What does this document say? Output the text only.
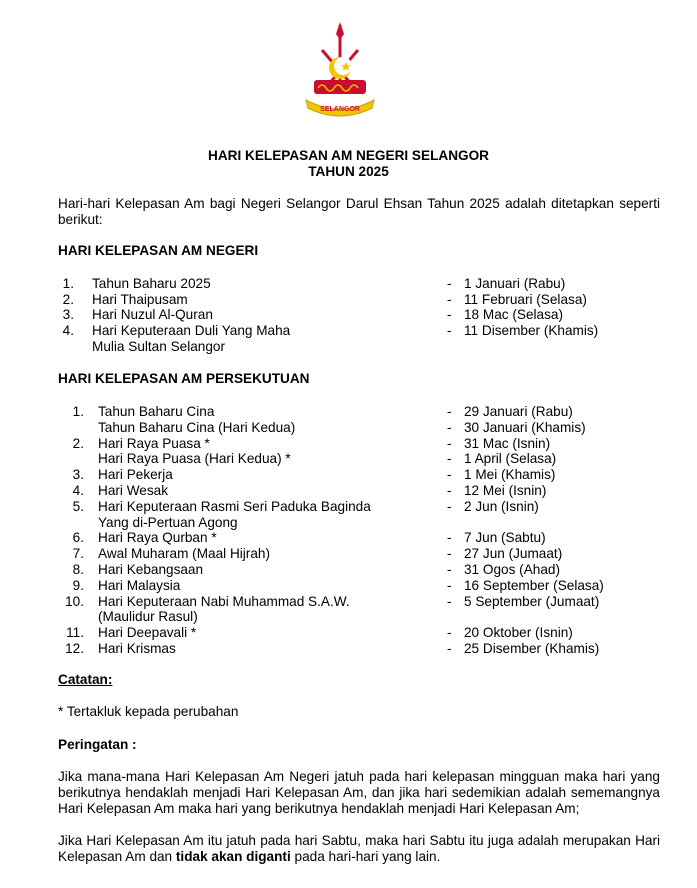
SELANGOR
HARI KELEPASAN AM NEGERI SELANGOR
TAHUN 2025
Hari-hari Kelepasan Am bagi Negeri Selangor Darul Ehsan Tahun 2025 adalah ditetapkan seperti berikut:
HARI KELEPASAN AM NEGERI
1. Tahun Baharu 2025	- 1 Januari (Rabu)
2. Hari Thaipusam	- 11 Februari (Selasa)
3. Hari Nuzul Al-Quran	- 18 Mac (Selasa)
4. Hari Keputeraan Duli Yang Maha	- 11 Disember (Khamis)
Mulia Sultan Selangor
HARI KELEPASAN AM PERSEKUTUAN
1. Tahun Baharu Cina	- 29 Januari (Rabu)
Tahun Baharu Cina (Hari Kedua)	- 30 Januari (Khamis)
2. Hari Raya Puasa *	- 31 Mac (Isnin)
Hari Raya Puasa (Hari Kedua) *	- 1 April (Selasa)
3. Hari Pekerja	- 1 Mei (Khamis)
4. Hari Wesak	- 12 Mei (Isnin)
5. Hari Keputeraan Rasmi Seri Paduka Baginda	- 2 Jun (Isnin)
Yang di-Pertuan Agong
6. Hari Raya Qurban *	- 7 Jun (Sabtu)
7. Awal Muharam (Maal Hijrah)	- 27 Jun (Jumaat)
8. Hari Kebangsaan	- 31 Ogos (Ahad)
9. Hari Malaysia	- 16 September (Selasa)
10. Hari Keputeraan Nabi Muhammad S.A.W.	- 5 September (Jumaat)
(Maulidur Rasul)
11. Hari Deepavali *	- 20 Oktober (Isnin)
12. Hari Krismas	- 25 Disember (Khamis)
Catatan:
* Tertakluk kepada perubahan
Peringatan :
Jika mana-mana Hari Kelepasan Am Negeri jatuh pada hari kelepasan mingguan maka hari yang berikutnya hendaklah menjadi Hari Kelepasan Am, dan jika hari sedemikian adalah sememangnya Hari Kelepasan Am maka hari yang berikutnya hendaklah menjadi Hari Kelepasan Am;
Jika Hari Kelepasan Am itu jatuh pada hari Sabtu, maka hari Sabtu itu juga adalah merupakan Hari Kelepasan Am dan tidak akan diganti pada hari-hari yang lain.
